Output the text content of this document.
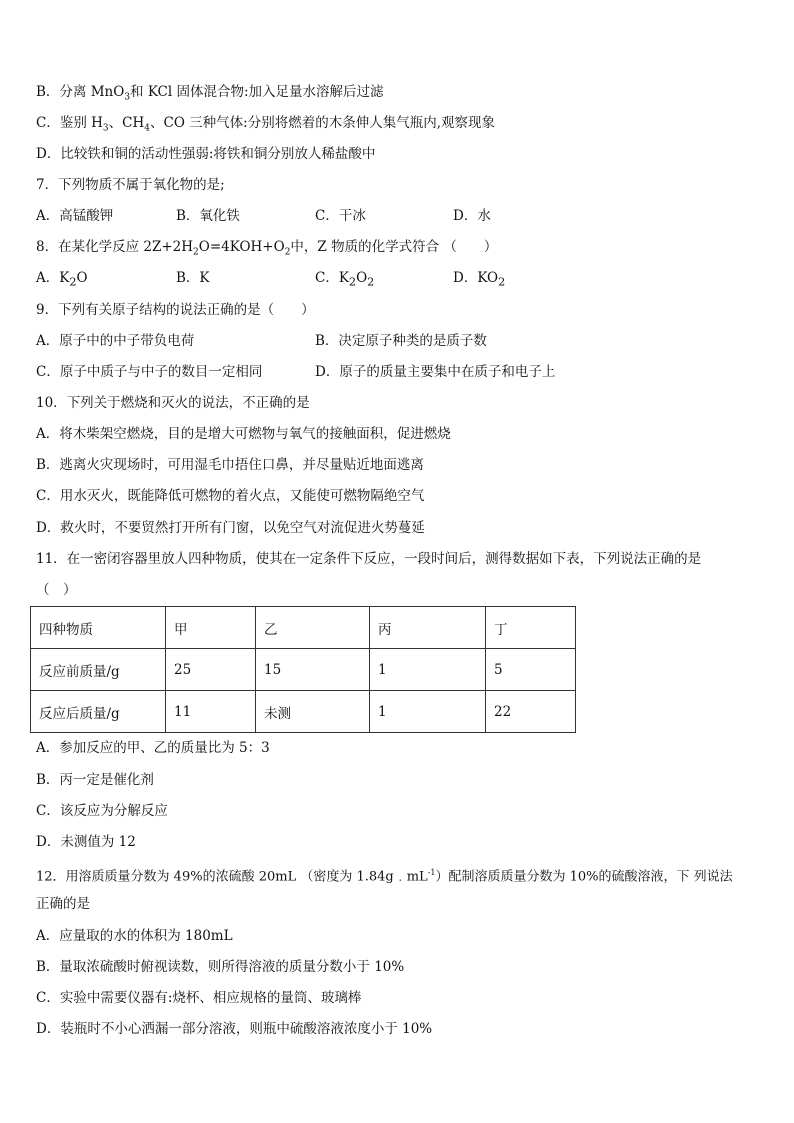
B．分离 MnO$_3$和 KCl 固体混合物:加入足量水溶解后过滤
C．鉴别 $H_3$、$CH_4$、CO 三种气体:分别将燃着的木条伸人集气瓶内,观察现象
D．比较铁和铜的活动性强弱:将铁和铜分别放人稀盐酸中
7．下列物质不属于氧化物的是;
A．高锰酸钾	B．氧化铁	C．干冰	D．水
8．在某化学反应 $2Z+2H_2O=4KOH+O_2$中，Z 物质的化学式符合 （　　）
A．$K_2O$	B．K	C．$K_2O_2$	D．$KO_2$
9．下列有关原子结构的说法正确的是（　　）
A．原子中的中子带负电荷	B．决定原子种类的是质子数
C．原子中质子与中子的数目一定相同	D．原子的质量主要集中在质子和电子上
10．下列关于燃烧和灭火的说法，不正确的是
A．将木柴架空燃烧，目的是增大可燃物与氧气的接触面积，促进燃烧
B．逃离火灾现场时，可用湿毛巾捂住口鼻，并尽量贴近地面逃离
C．用水灭火，既能降低可燃物的着火点，又能使可燃物隔绝空气
D．救火时，不要贸然打开所有门窗，以免空气对流促进火势蔓延
11．在一密闭容器里放人四种物质，使其在一定条件下反应，一段时间后，测得数据如下表，下列说法正确的是
（　）
四种物质	甲	乙	丙	丁
反应前质量/g	25	15	1	5
反应后质量/g	11	未测	1	22
A．参加反应的甲、乙的质量比为 5：3
B．丙一定是催化剂
C．该反应为分解反应
D．未测值为 12
12．用溶质质量分数为 49%的浓硫酸 20mL （密度为 $1.84g﹒mL^{-1}$）配制溶质质量分数为 10%的硫酸溶液，下 列说法
正确的是
A．应量取的水的体积为 180mL
B．量取浓硫酸时俯视读数，则所得溶液的质量分数小于 10%
C．实验中需要仪器有:烧杯、相应规格的量筒、玻璃棒
D．装瓶时不小心洒漏一部分溶液，则瓶中硫酸溶液浓度小于 10%
